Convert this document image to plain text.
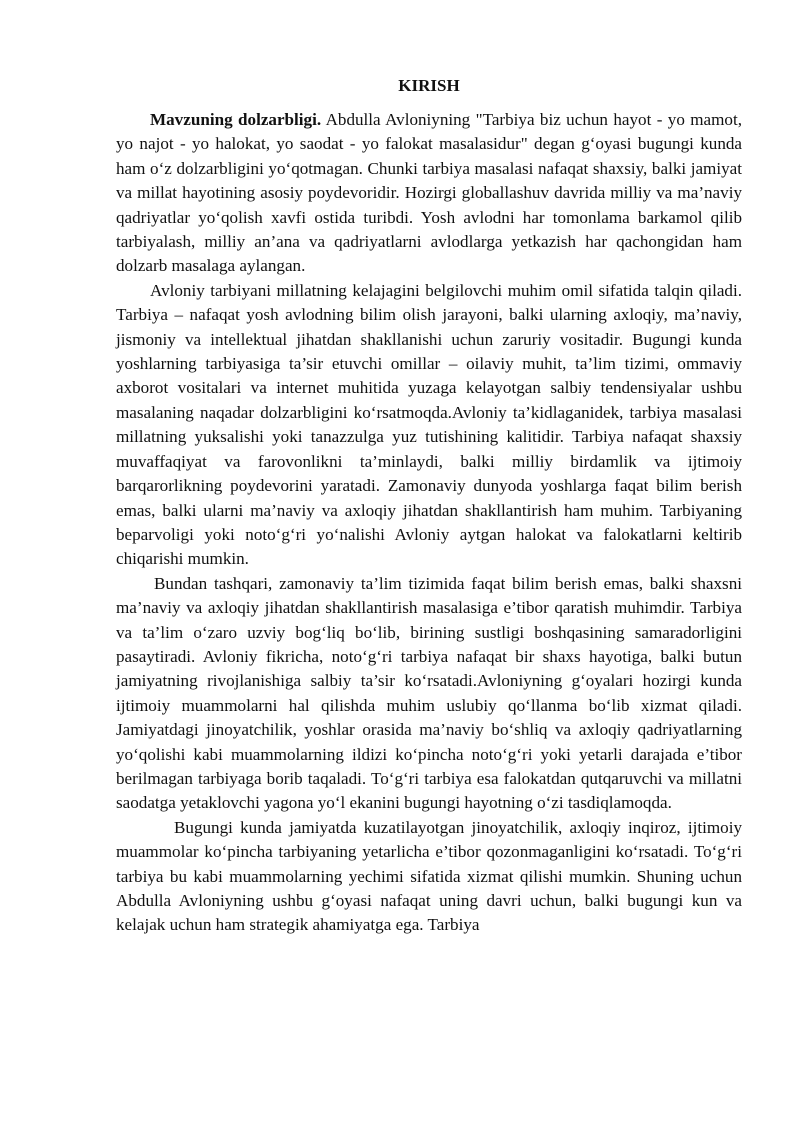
KIRISH

Mavzuning dolzarbligi. Abdulla Avloniyning "Tarbiya biz uchun hayot - yo mamot, yo najot - yo halokat, yo saodat - yo falokat masalasidur" degan g‘oyasi bugungi kunda ham o‘z dolzarbligini yo‘qotmagan. Chunki tarbiya masalasi nafaqat shaxsiy, balki jamiyat va millat hayotining asosiy poydevoridir. Hozirgi globallashuv davrida milliy va ma’naviy qadriyatlar yo‘qolish xavfi ostida turibdi. Yosh avlodni har tomonlama barkamol qilib tarbiyalash, milliy an’ana va qadriyatlarni avlodlarga yetkazish har qachongidan ham dolzarb masalaga aylangan.

Avloniy tarbiyani millatning kelajagini belgilovchi muhim omil sifatida talqin qiladi. Tarbiya – nafaqat yosh avlodning bilim olish jarayoni, balki ularning axloqiy, ma’naviy, jismoniy va intellektual jihatdan shakllanishi uchun zaruriy vositadir. Bugungi kunda yoshlarning tarbiyasiga ta’sir etuvchi omillar – oilaviy muhit, ta’lim tizimi, ommaviy axborot vositalari va internet muhitida yuzaga kelayotgan salbiy tendensiyalar ushbu masalaning naqadar dolzarbligini ko‘rsatmoqda.Avloniy ta’kidlaganidek, tarbiya masalasi millatning yuksalishi yoki tanazzulga yuz tutishining kalitidir. Tarbiya nafaqat shaxsiy muvaffaqiyat va farovonlikni ta’minlaydi, balki milliy birdamlik va ijtimoiy barqarorlikning poydevorini yaratadi. Zamonaviy dunyoda yoshlarga faqat bilim berish emas, balki ularni ma’naviy va axloqiy jihatdan shakllantirish ham muhim. Tarbiyaning beparvoligi yoki noto‘g‘ri yo‘nalishi Avloniy aytgan halokat va falokatlarni keltirib chiqarishi mumkin.

Bundan tashqari, zamonaviy ta’lim tizimida faqat bilim berish emas, balki shaxsni ma’naviy va axloqiy jihatdan shakllantirish masalasiga e’tibor qaratish muhimdir. Tarbiya va ta’lim o‘zaro uzviy bog‘liq bo‘lib, birining sustligi boshqasining samaradorligini pasaytiradi. Avloniy fikricha, noto‘g‘ri tarbiya nafaqat bir shaxs hayotiga, balki butun jamiyatning rivojlanishiga salbiy ta’sir ko‘rsatadi.Avloniyning g‘oyalari hozirgi kunda ijtimoiy muammolarni hal qilishda muhim uslubiy qo‘llanma bo‘lib xizmat qiladi. Jamiyatdagi jinoyatchilik, yoshlar orasida ma’naviy bo‘shliq va axloqiy qadriyatlarning yo‘qolishi kabi muammolarning ildizi ko‘pincha noto‘g‘ri yoki yetarli darajada e’tibor berilmagan tarbiyaga borib taqaladi. To‘g‘ri tarbiya esa falokatdan qutqaruvchi va millatni saodatga yetaklovchi yagona yo‘l ekanini bugungi hayotning o‘zi tasdiqlamoqda.

Bugungi kunda jamiyatda kuzatilayotgan jinoyatchilik, axloqiy inqiroz, ijtimoiy muammolar ko‘pincha tarbiyaning yetarlicha e’tibor qozonmaganligini ko‘rsatadi. To‘g‘ri tarbiya bu kabi muammolarning yechimi sifatida xizmat qilishi mumkin. Shuning uchun Abdulla Avloniyning ushbu g‘oyasi nafaqat uning davri uchun, balki bugungi kun va kelajak uchun ham strategik ahamiyatga ega. Tarbiya
